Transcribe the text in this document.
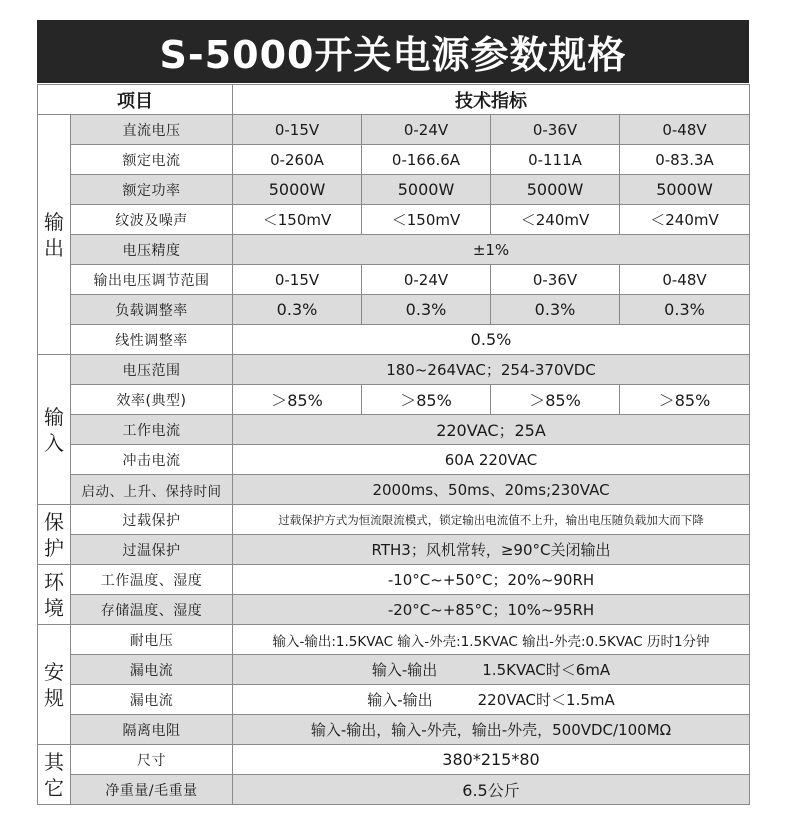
S-5000开关电源参数规格
项目		技术指标			
输出	直流电压	0-15V	0-24V	0-36V	0-48V
	额定电流	0-260A	0-166.6A	0-111A	0-83.3A
	额定功率	5000W	5000W	5000W	5000W
	纹波及噪声	＜150mV	＜150mV	＜240mV	＜240mV
	电压精度	±1%			
	输出电压调节范围	0-15V	0-24V	0-36V	0-48V
	负载调整率	0.3%	0.3%	0.3%	0.3%
	线性调整率	0.5%			
输入	电压范围	180~264VAC；254-370VDC			
	效率(典型)	＞85%	＞85%	＞85%	＞85%
	工作电流	220VAC；25A			
	冲击电流	60A 220VAC			
	启动、上升、保持时间	2000ms、50ms、20ms;230VAC			
保护	过载保护	过载保护方式为恒流限流模式，锁定输出电流值不上升，输出电压随负载加大而下降			
	过温保护	RTH3；风机常转，≥90°C关闭输出			
环境	工作温度、湿度	-10°C~+50°C；20%~90RH			
	存储温度、湿度	-20°C~+85°C；10%~95RH			
安规	耐电压	输入-输出:1.5KVAC 输入-外壳:1.5KVAC 输出-外壳:0.5KVAC 历时1分钟			
	漏电流	输入-输出　　　1.5KVAC时＜6mA			
	漏电流	输入-输出　　　220VAC时＜1.5mA			
	隔离电阻	输入-输出，输入-外壳，输出-外壳，500VDC/100MΩ			
其它	尺寸	380*215*80			
	净重量/毛重量	6.5公斤			
